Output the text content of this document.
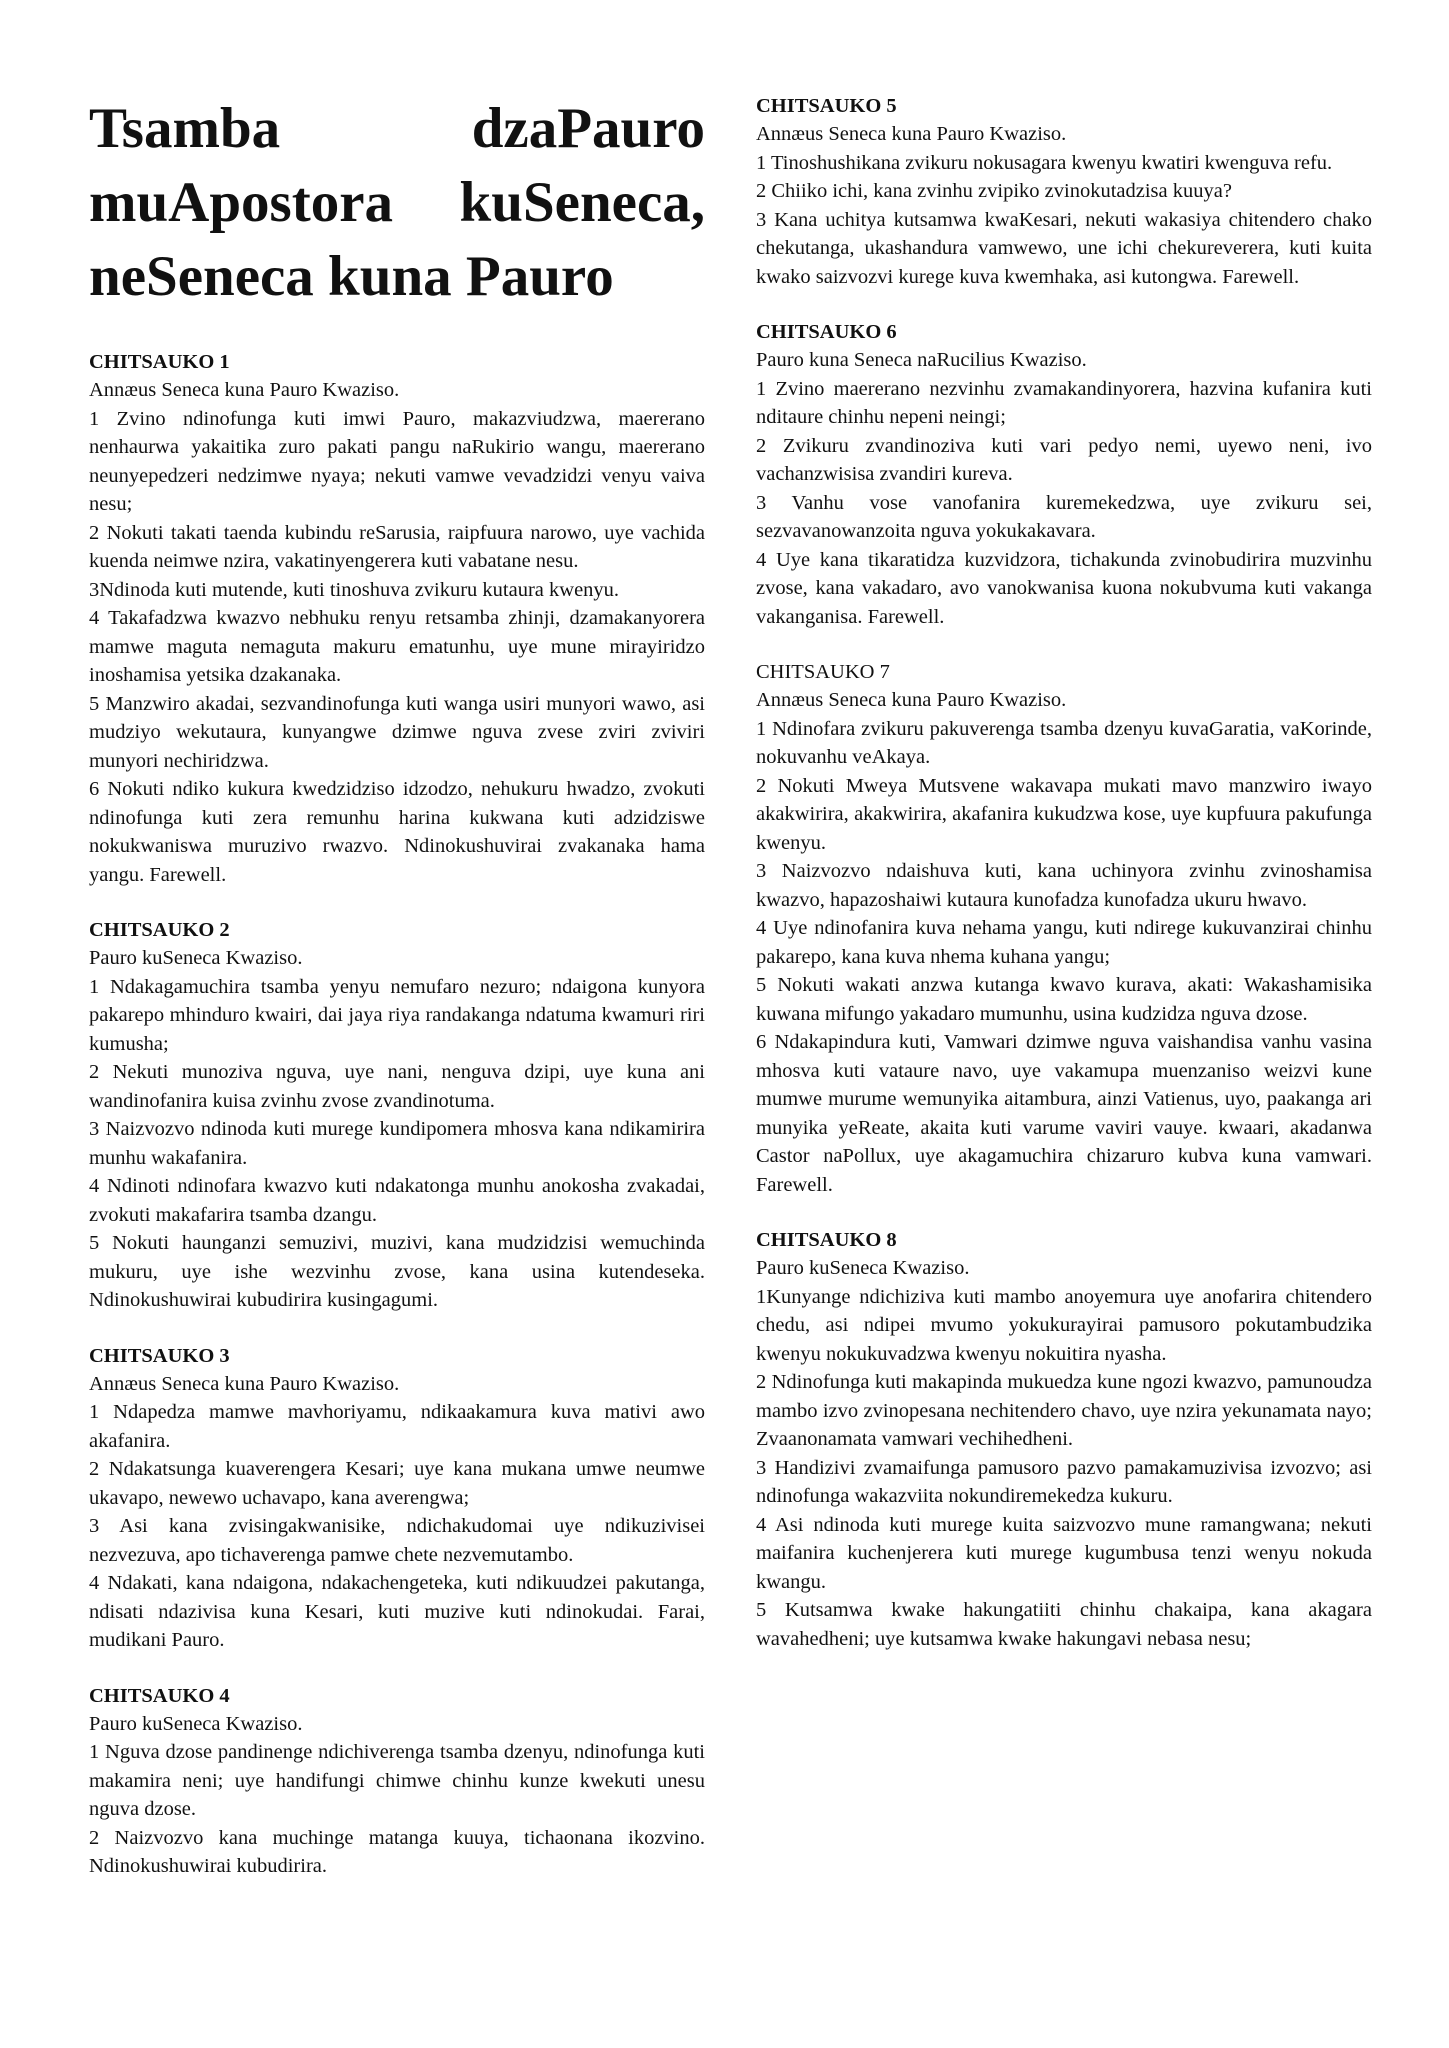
Tsamba dzaPauro muApostora kuSeneca, neSeneca kuna Pauro
CHITSAUKO 1
Annæus Seneca kuna Pauro Kwaziso.
1 Zvino ndinofunga kuti imwi Pauro, makazviudzwa, maererano nenhaurwa yakaitika zuro pakati pangu naRukirio wangu, maererano neunyepedzeri nedzimwe nyaya; nekuti vamwe vevadzidzi venyu vaiva nesu;
2 Nokuti takati taenda kubindu reSarusia, raipfuura narowo, uye vachida kuenda neimwe nzira, vakatinyengerera kuti vabatane nesu.
3Ndinoda kuti mutende, kuti tinoshuva zvikuru kutaura kwenyu.
4 Takafadzwa kwazvo nebhuku renyu retsamba zhinji, dzamakanyorera mamwe maguta nemaguta makuru ematunhu, uye mune mirayiridzo inoshamisa yetsika dzakanaka.
5 Manzwiro akadai, sezvandinofunga kuti wanga usiri munyori wawo, asi mudziyo wekutaura, kunyangwe dzimwe nguva zvese zviri zviviri munyori nechiridzwa.
6 Nokuti ndiko kukura kwedzidziso idzodzo, nehukuru hwadzo, zvokuti ndinofunga kuti zera remunhu harina kukwana kuti adzidziswe nokukwaniswa muruzivo rwazvo. Ndinokushuvirai zvakanaka hama yangu. Farewell.
CHITSAUKO 2
Pauro kuSeneca Kwaziso.
1 Ndakagamuchira tsamba yenyu nemufaro nezuro; ndaigona kunyora pakarepo mhinduro kwairi, dai jaya riya randakanga ndatuma kwamuri riri kumusha;
2 Nekuti munoziva nguva, uye nani, nenguva dzipi, uye kuna ani wandinofanira kuisa zvinhu zvose zvandinotuma.
3 Naizvozvo ndinoda kuti murege kundipomera mhosva kana ndikamirira munhu wakafanira.
4 Ndinoti ndinofara kwazvo kuti ndakatonga munhu anokosha zvakadai, zvokuti makafarira tsamba dzangu.
5 Nokuti haunganzi semuzivi, muzivi, kana mudzidzisi wemuchinda mukuru, uye ishe wezvinhu zvose, kana usina kutendeseka. Ndinokushuwirai kubudirira kusingagumi.
CHITSAUKO 3
Annæus Seneca kuna Pauro Kwaziso.
1 Ndapedza mamwe mavhoriyamu, ndikaakamura kuva mativi awo akafanira.
2 Ndakatsunga kuaverengera Kesari; uye kana mukana umwe neumwe ukavapo, newewo uchavapo, kana averengwa;
3 Asi kana zvisingakwanisike, ndichakudomai uye ndikuzivisei nezvezuva, apo tichaverenga pamwe chete nezvemutambo.
4 Ndakati, kana ndaigona, ndakachengeteka, kuti ndikuudzei pakutanga, ndisati ndazivisa kuna Kesari, kuti muzive kuti ndinokudai. Farai, mudikani Pauro.
CHITSAUKO 4
Pauro kuSeneca Kwaziso.
1 Nguva dzose pandinenge ndichiverenga tsamba dzenyu, ndinofunga kuti makamira neni; uye handifungi chimwe chinhu kunze kwekuti unesu nguva dzose.
2 Naizvozvo kana muchinge matanga kuuya, tichaonana ikozvino. Ndinokushuwirai kubudirira.
CHITSAUKO 5
Annæus Seneca kuna Pauro Kwaziso.
1 Tinoshushikana zvikuru nokusagara kwenyu kwatiri kwenguva refu.
2 Chiiko ichi, kana zvinhu zvipiko zvinokutadzisa kuuya?
3 Kana uchitya kutsamwa kwaKesari, nekuti wakasiya chitendero chako chekutanga, ukashandura vamwewo, une ichi chekureverera, kuti kuita kwako saizvozvi kurege kuva kwemhaka, asi kutongwa. Farewell.
CHITSAUKO 6
Pauro kuna Seneca naRucilius Kwaziso.
1 Zvino maererano nezvinhu zvamakandinyorera, hazvina kufanira kuti nditaure chinhu nepeni neingi;
2 Zvikuru zvandinoziva kuti vari pedyo nemi, uyewo neni, ivo vachanzwisisa zvandiri kureva.
3 Vanhu vose vanofanira kuremekedzwa, uye zvikuru sei, sezvavanowanzoita nguva yokukakavara.
4 Uye kana tikaratidza kuzvidzora, tichakunda zvinobudirira muzvinhu zvose, kana vakadaro, avo vanokwanisa kuona nokubvuma kuti vakanga vakanganisa. Farewell.
CHITSAUKO 7
Annæus Seneca kuna Pauro Kwaziso.
1 Ndinofara zvikuru pakuverenga tsamba dzenyu kuvaGaratia, vaKorinde, nokuvanhu veAkaya.
2 Nokuti Mweya Mutsvene wakavapa mukati mavo manzwiro iwayo akakwirira, akakwirira, akafanira kukudzwa kose, uye kupfuura pakufunga kwenyu.
3 Naizvozvo ndaishuva kuti, kana uchinyora zvinhu zvinoshamisa kwazvo, hapazoshaiwi kutaura kunofadza kunofadza ukuru hwavo.
4 Uye ndinofanira kuva nehama yangu, kuti ndirege kukuvanzirai chinhu pakarepo, kana kuva nhema kuhana yangu;
5 Nokuti wakati anzwa kutanga kwavo kurava, akati: Wakashamisika kuwana mifungo yakadaro mumunhu, usina kudzidza nguva dzose.
6 Ndakapindura kuti, Vamwari dzimwe nguva vaishandisa vanhu vasina mhosva kuti vataure navo, uye vakamupa muenzaniso weizvi kune mumwe murume wemunyika aitambura, ainzi Vatienus, uyo, paakanga ari munyika yeReate, akaita kuti varume vaviri vauye. kwaari, akadanwa Castor naPollux, uye akagamuchira chizaruro kubva kuna vamwari. Farewell.
CHITSAUKO 8
Pauro kuSeneca Kwaziso.
1Kunyange ndichiziva kuti mambo anoyemura uye anofarira chitendero chedu, asi ndipei mvumo yokukurayirai pamusoro pokutambudzika kwenyu nokukuvadzwa kwenyu nokuitira nyasha.
2 Ndinofunga kuti makapinda mukuedza kune ngozi kwazvo, pamunoudza mambo izvo zvinopesana nechitendero chavo, uye nzira yekunamata nayo; Zvaanonamata vamwari vechihedheni.
3 Handizivi zvamaifunga pamusoro pazvo pamakamuzivisa izvozvo; asi ndinofunga wakazviita nokundiremekedza kukuru.
4 Asi ndinoda kuti murege kuita saizvozvo mune ramangwana; nekuti maifanira kuchenjerera kuti murege kugumbusa tenzi wenyu nokuda kwangu.
5 Kutsamwa kwake hakungatiiti chinhu chakaipa, kana akagara wavahedheni; uye kutsamwa kwake hakungavi nebasa nesu;
